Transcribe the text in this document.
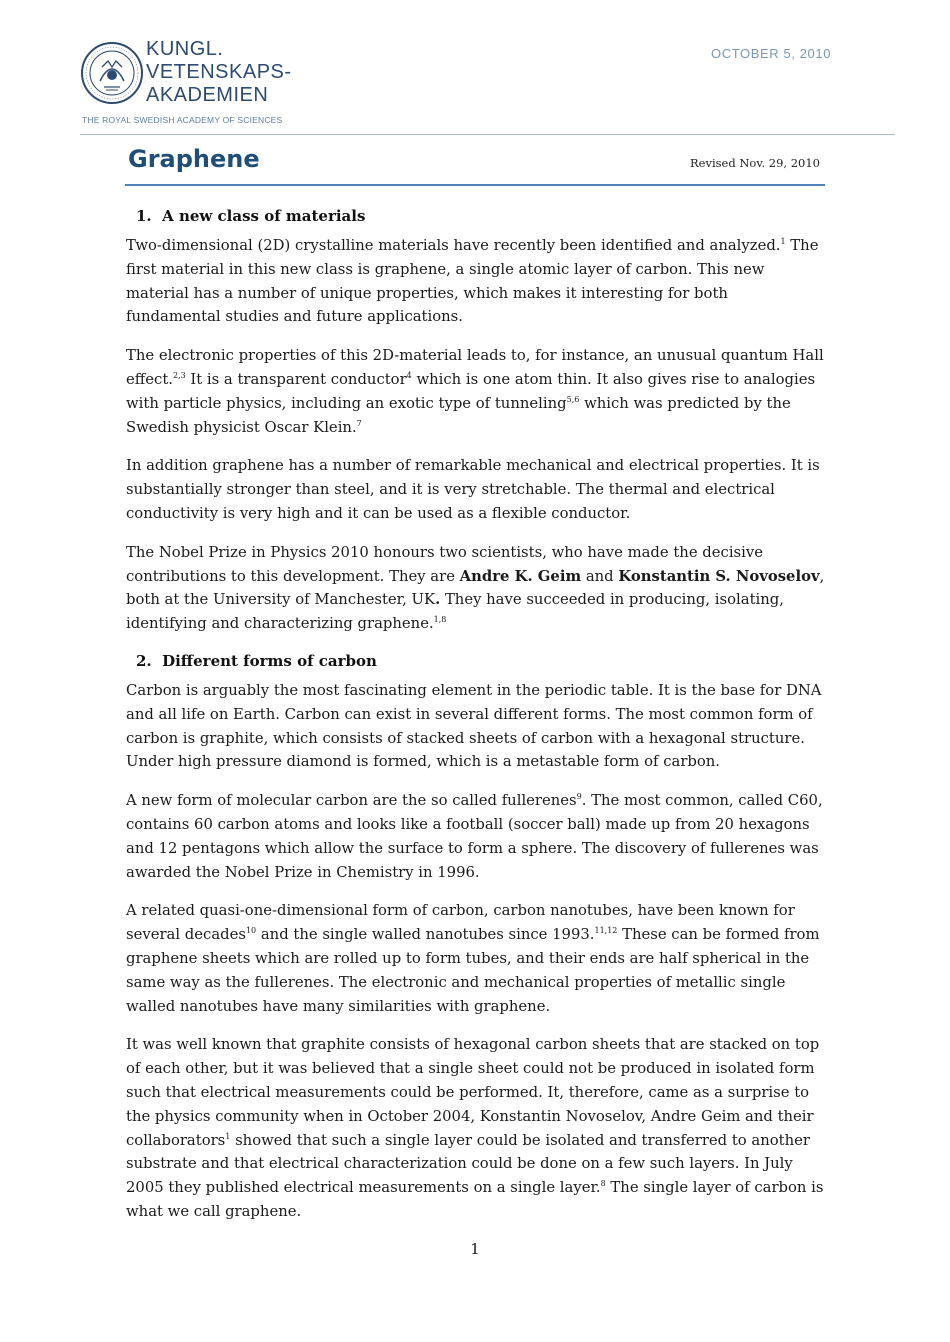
KUNGL.
VETENSKAPS-
AKADEMIEN
THE ROYAL SWEDISH ACADEMY OF SCIENCES
OCTOBER 5, 2010
Graphene	Revised Nov. 29, 2010
1.  A new class of materials

Two-dimensional (2D) crystalline materials have recently been identified and analyzed.$^1$ The first material in this new class is graphene, a single atomic layer of carbon. This new material has a number of unique properties, which makes it interesting for both fundamental studies and future applications.

The electronic properties of this 2D-material leads to, for instance, an unusual quantum Hall effect.$^{2,3}$ It is a transparent conductor$^4$ which is one atom thin. It also gives rise to analogies with particle physics, including an exotic type of tunneling$^{5,6}$ which was predicted by the Swedish physicist Oscar Klein.$^7$

In addition graphene has a number of remarkable mechanical and electrical properties. It is substantially stronger than steel, and it is very stretchable. The thermal and electrical conductivity is very high and it can be used as a flexible conductor.

The Nobel Prize in Physics 2010 honours two scientists, who have made the decisive contributions to this development. They are Andre K. Geim and Konstantin S. Novoselov, both at the University of Manchester, UK. They have succeeded in producing, isolating, identifying and characterizing graphene.$^{1,8}$

2.  Different forms of carbon

Carbon is arguably the most fascinating element in the periodic table. It is the base for DNA and all life on Earth. Carbon can exist in several different forms. The most common form of carbon is graphite, which consists of stacked sheets of carbon with a hexagonal structure. Under high pressure diamond is formed, which is a metastable form of carbon.

A new form of molecular carbon are the so called fullerenes$^9$. The most common, called C60, contains 60 carbon atoms and looks like a football (soccer ball) made up from 20 hexagons and 12 pentagons which allow the surface to form a sphere. The discovery of fullerenes was awarded the Nobel Prize in Chemistry in 1996.

A related quasi-one-dimensional form of carbon, carbon nanotubes, have been known for several decades$^{10}$ and the single walled nanotubes since 1993.$^{11,12}$ These can be formed from graphene sheets which are rolled up to form tubes, and their ends are half spherical in the same way as the fullerenes. The electronic and mechanical properties of metallic single walled nanotubes have many similarities with graphene.

It was well known that graphite consists of hexagonal carbon sheets that are stacked on top of each other, but it was believed that a single sheet could not be produced in isolated form such that electrical measurements could be performed. It, therefore, came as a surprise to the physics community when in October 2004, Konstantin Novoselov, Andre Geim and their collaborators$^1$ showed that such a single layer could be isolated and transferred to another substrate and that electrical characterization could be done on a few such layers. In July 2005 they published electrical measurements on a single layer.$^8$ The single layer of carbon is what we call graphene.

1
